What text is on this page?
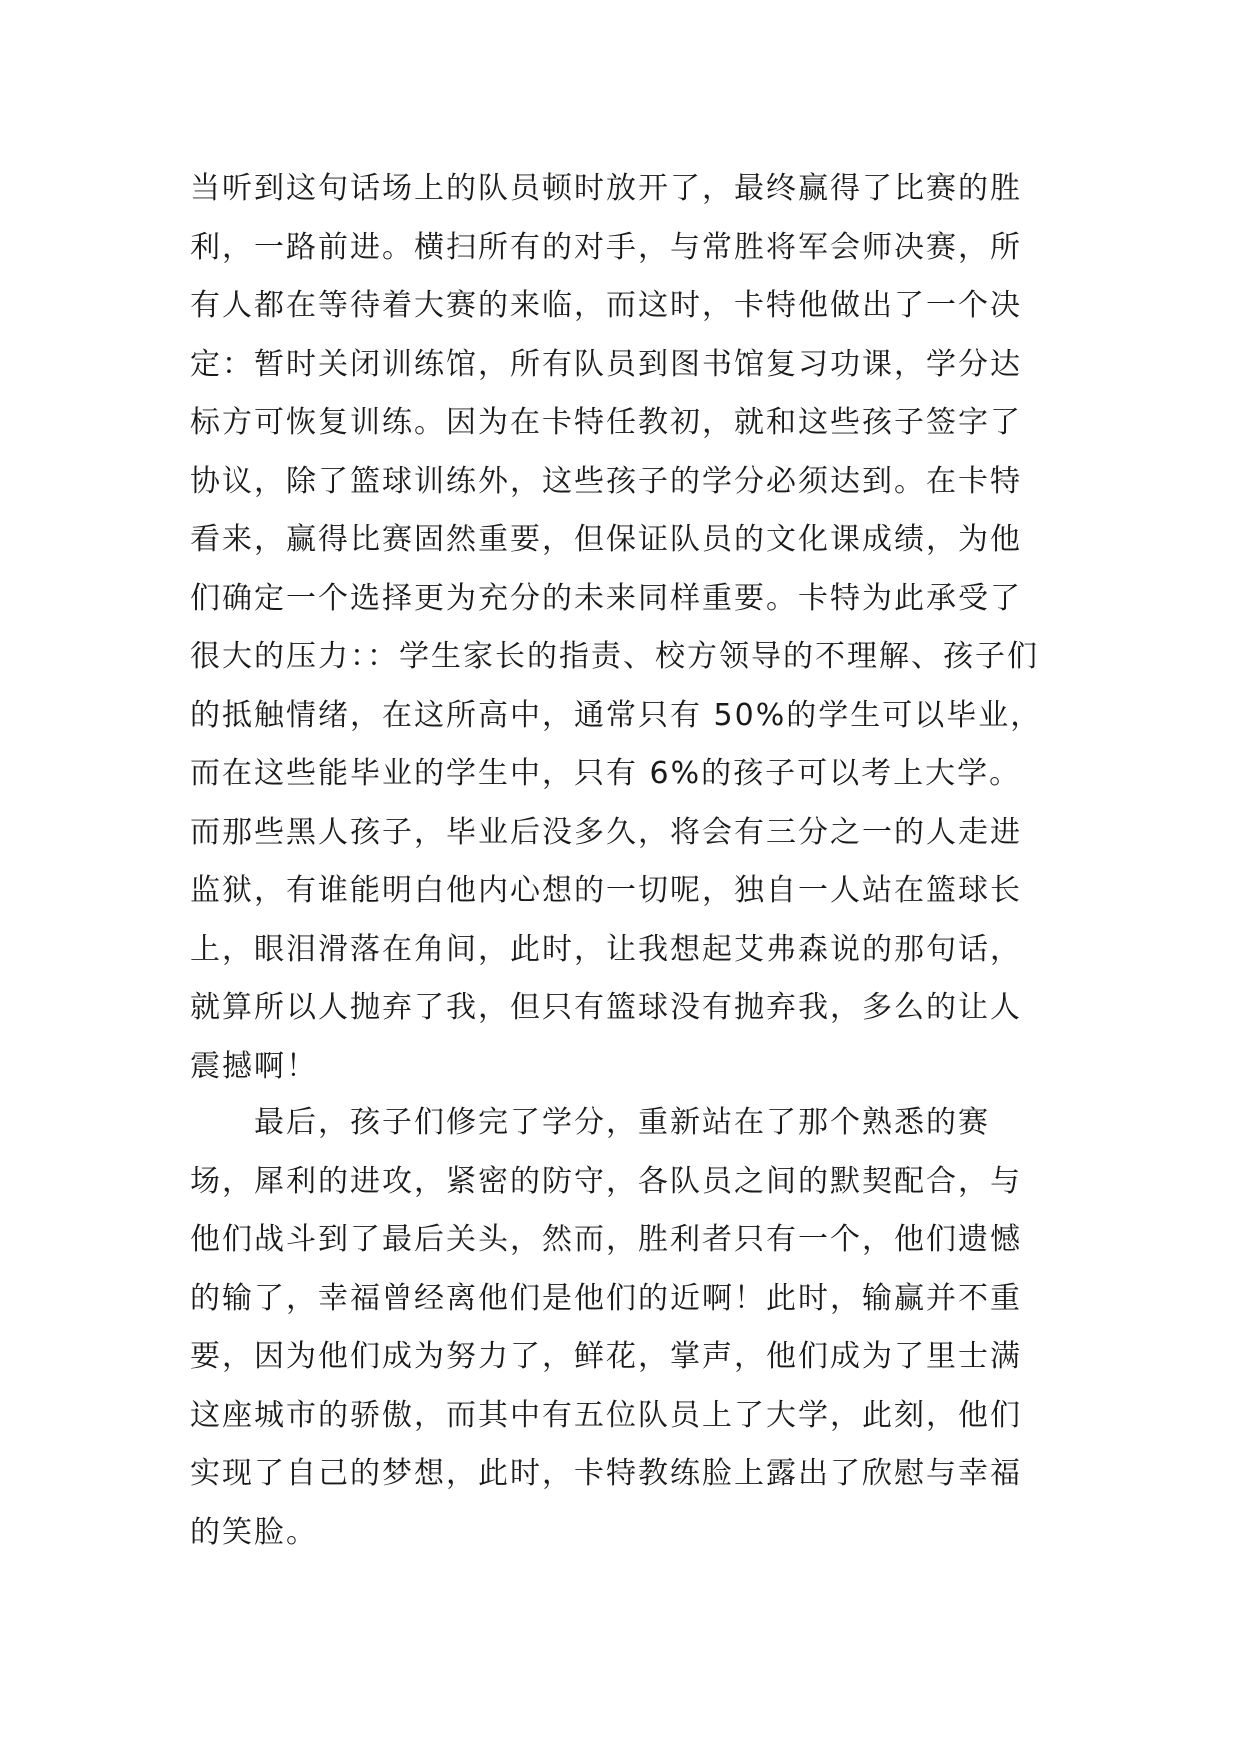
当听到这句话场上的队员顿时放开了，最终赢得了比赛的胜利，一路前进。横扫所有的对手，与常胜将军会师决赛，所有人都在等待着大赛的来临，而这时，卡特他做出了一个决定：暂时关闭训练馆，所有队员到图书馆复习功课，学分达标方可恢复训练。因为在卡特任教初，就和这些孩子签字了协议，除了篮球训练外，这些孩子的学分必须达到。在卡特看来，赢得比赛固然重要，但保证队员的文化课成绩，为他们确定一个选择更为充分的未来同样重要。卡特为此承受了很大的压力：：学生家长的指责、校方领导的不理解、孩子们的抵触情绪，在这所高中，通常只有 50%的学生可以毕业，而在这些能毕业的学生中，只有 6%的孩子可以考上大学。而那些黑人孩子，毕业后没多久，将会有三分之一的人走进监狱，有谁能明白他内心想的一切呢，独自一人站在篮球长上，眼泪滑落在角间，此时，让我想起艾弗森说的那句话，就算所以人抛弃了我，但只有篮球没有抛弃我，多么的让人震撼啊！

最后，孩子们修完了学分，重新站在了那个熟悉的赛场，犀利的进攻，紧密的防守，各队员之间的默契配合，与他们战斗到了最后关头，然而，胜利者只有一个，他们遗憾的输了，幸福曾经离他们是他们的近啊！此时，输赢并不重要，因为他们成为努力了，鲜花，掌声，他们成为了里士满这座城市的骄傲，而其中有五位队员上了大学，此刻，他们实现了自己的梦想，此时，卡特教练脸上露出了欣慰与幸福的笑脸。
